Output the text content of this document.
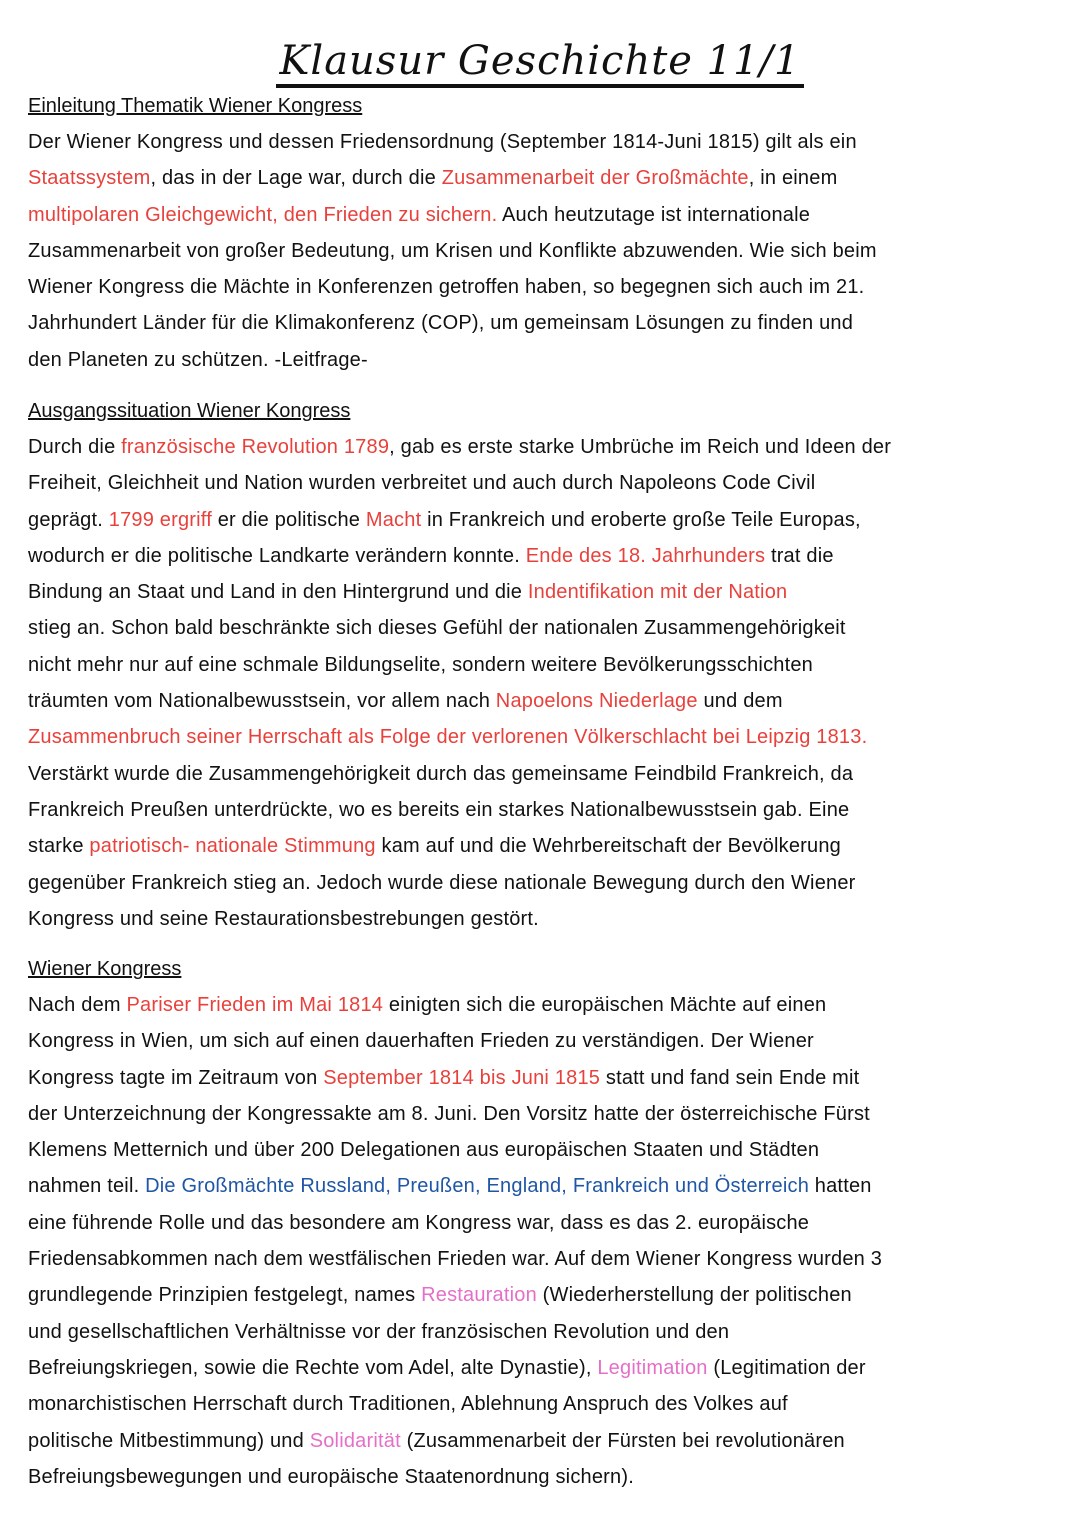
Klausur Geschichte 11/1
Einleitung Thematik Wiener Kongress
Der Wiener Kongress und dessen Friedensordnung (September 1814-Juni 1815) gilt als ein
Staatssystem, das in der Lage war, durch die Zusammenarbeit der Großmächte, in einem
multipolaren Gleichgewicht, den Frieden zu sichern. Auch heutzutage ist internationale
Zusammenarbeit von großer Bedeutung, um Krisen und Konflikte abzuwenden. Wie sich beim
Wiener Kongress die Mächte in Konferenzen getroffen haben, so begegnen sich auch im 21.
Jahrhundert Länder für die Klimakonferenz (COP), um gemeinsam Lösungen zu finden und
den Planeten zu schützen. -Leitfrage-
Ausgangssituation Wiener Kongress
Durch die französische Revolution 1789, gab es erste starke Umbrüche im Reich und Ideen der
Freiheit, Gleichheit und Nation wurden verbreitet und auch durch Napoleons Code Civil
geprägt. 1799 ergriff er die politische Macht in Frankreich und eroberte große Teile Europas,
wodurch er die politische Landkarte verändern konnte. Ende des 18. Jahrhunders trat die
Bindung an Staat und Land in den Hintergrund und die Indentifikation mit der Nation
stieg an. Schon bald beschränkte sich dieses Gefühl der nationalen Zusammengehörigkeit
nicht mehr nur auf eine schmale Bildungselite, sondern weitere Bevölkerungsschichten
träumten vom Nationalbewusstsein, vor allem nach Napoelons Niederlage und dem
Zusammenbruch seiner Herrschaft als Folge der verlorenen Völkerschlacht bei Leipzig 1813.
Verstärkt wurde die Zusammengehörigkeit durch das gemeinsame Feindbild Frankreich, da
Frankreich Preußen unterdrückte, wo es bereits ein starkes Nationalbewusstsein gab. Eine
starke patriotisch- nationale Stimmung kam auf und die Wehrbereitschaft der Bevölkerung
gegenüber Frankreich stieg an. Jedoch wurde diese nationale Bewegung durch den Wiener
Kongress und seine Restaurationsbestrebungen gestört.
Wiener Kongress
Nach dem Pariser Frieden im Mai 1814 einigten sich die europäischen Mächte auf einen
Kongress in Wien, um sich auf einen dauerhaften Frieden zu verständigen. Der Wiener
Kongress tagte im Zeitraum von September 1814 bis Juni 1815 statt und fand sein Ende mit
der Unterzeichnung der Kongressakte am 8. Juni. Den Vorsitz hatte der österreichische Fürst
Klemens Metternich und über 200 Delegationen aus europäischen Staaten und Städten
nahmen teil. Die Großmächte Russland, Preußen, England, Frankreich und Österreich hatten
eine führende Rolle und das besondere am Kongress war, dass es das 2. europäische
Friedensabkommen nach dem westfälischen Frieden war. Auf dem Wiener Kongress wurden 3
grundlegende Prinzipien festgelegt, names Restauration (Wiederherstellung der politischen
und gesellschaftlichen Verhältnisse vor der französischen Revolution und den
Befreiungskriegen, sowie die Rechte vom Adel, alte Dynastie), Legitimation (Legitimation der
monarchistischen Herrschaft durch Traditionen, Ablehnung Anspruch des Volkes auf
politische Mitbestimmung) und Solidarität (Zusammenarbeit der Fürsten bei revolutionären
Befreiungsbewegungen und europäische Staatenordnung sichern).
